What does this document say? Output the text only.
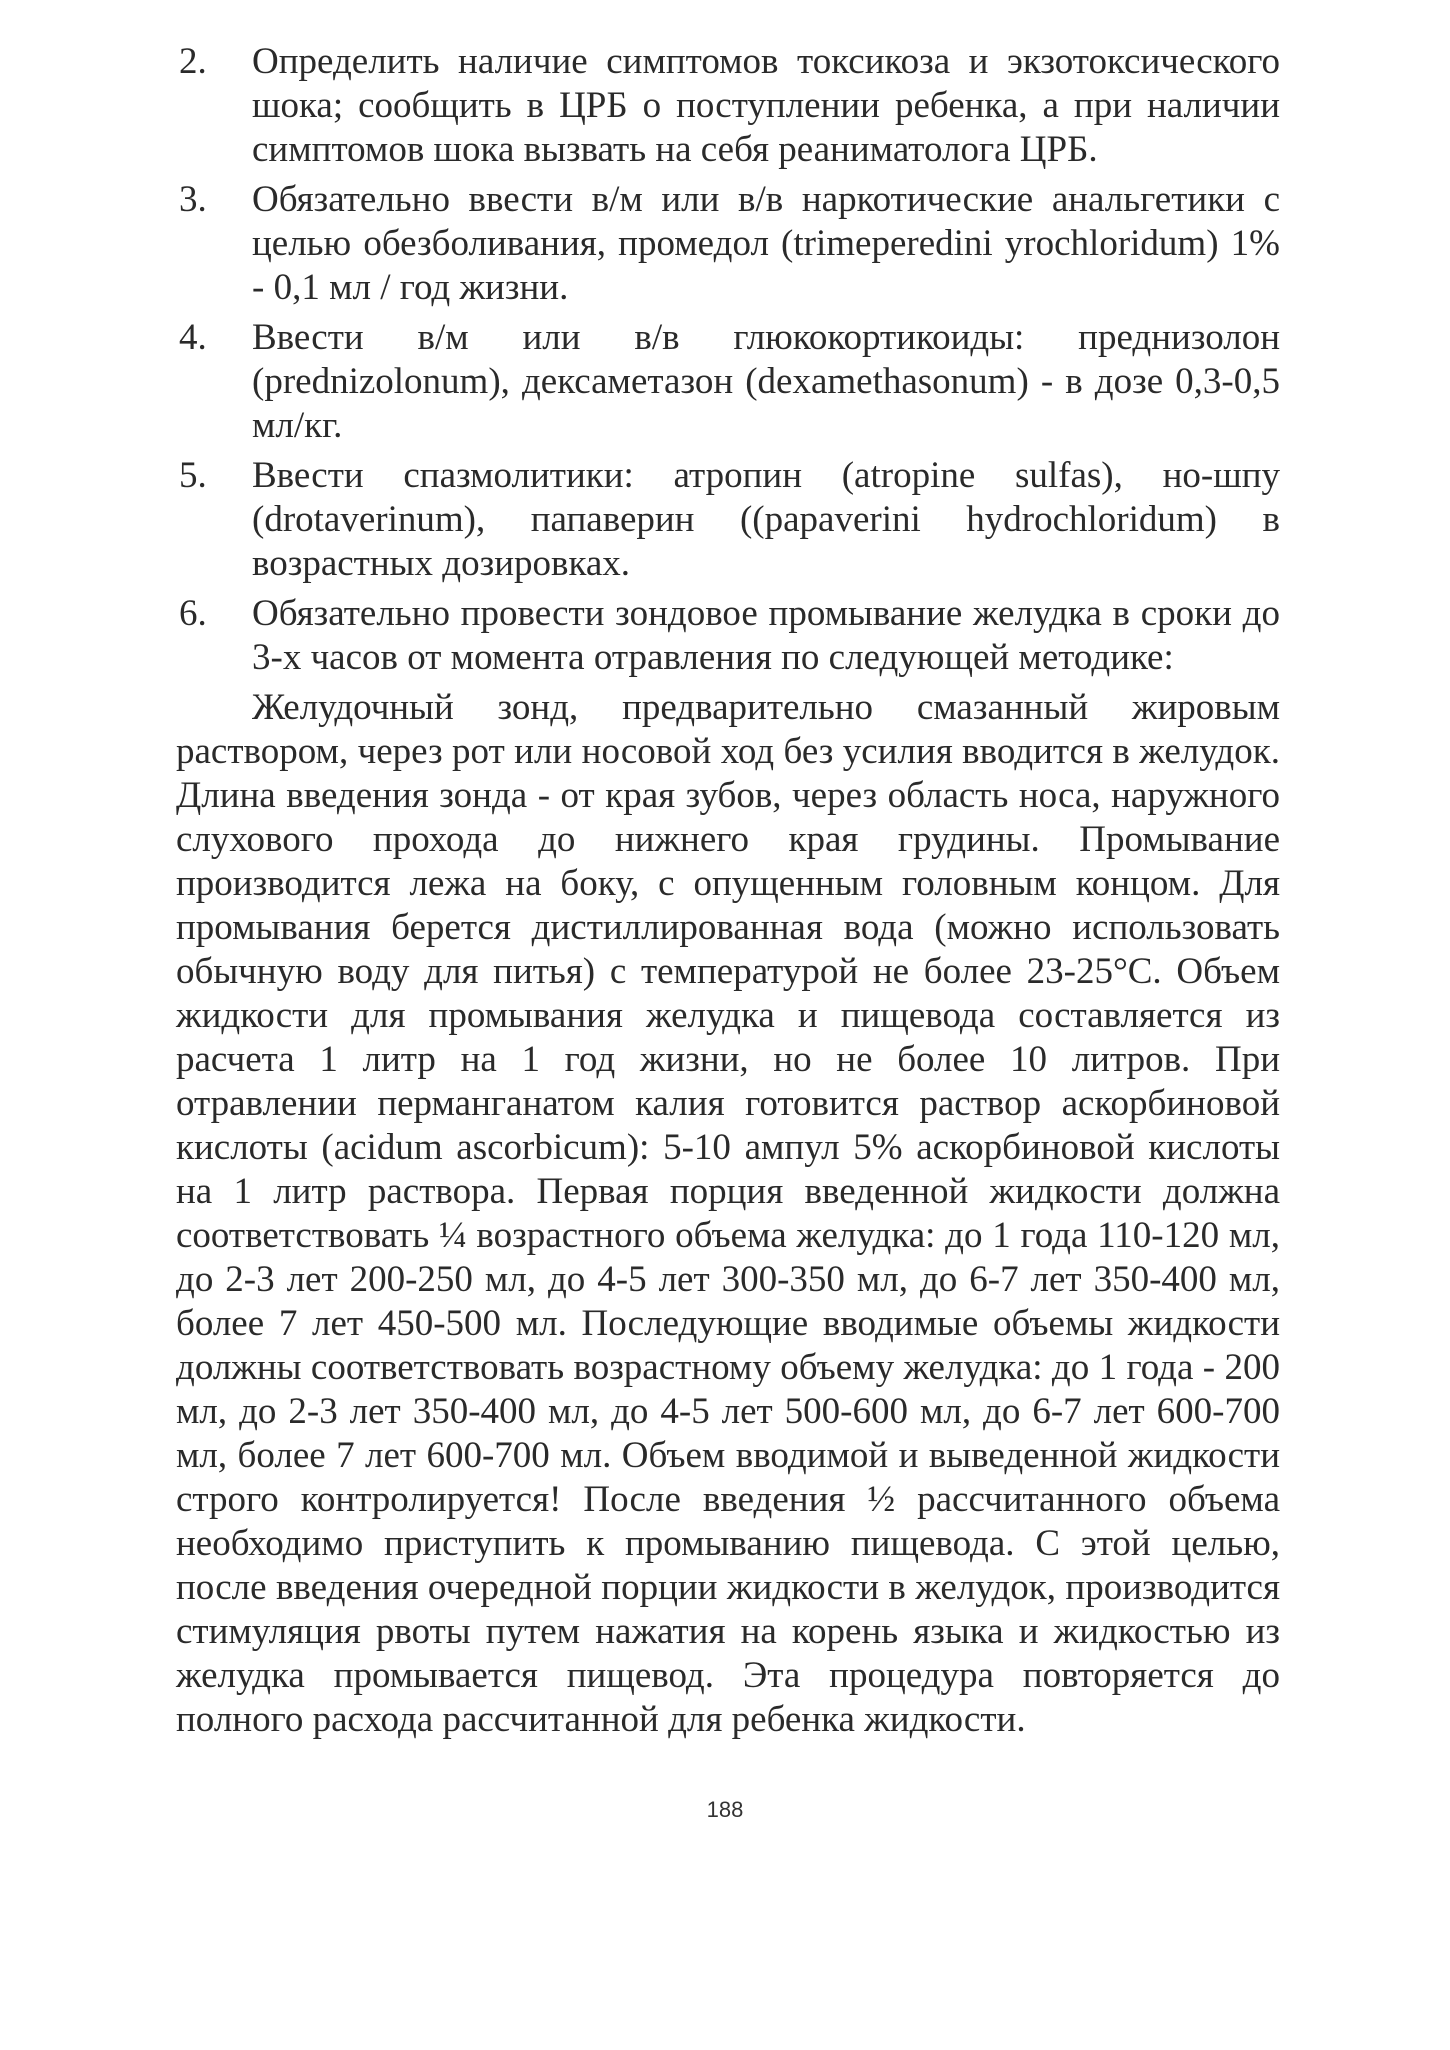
2. Определить наличие симптомов токсикоза и экзотоксического шока; сообщить в ЦРБ о поступлении ребенка, а при наличии симптомов шока вызвать на себя реаниматолога ЦРБ.
3. Обязательно ввести в/м или в/в наркотические анальгетики с целью обезболивания, промедол (trimeperedini yrochloridum) 1% - 0,1 мл / год жизни.
4. Ввести в/м или в/в глюкокортикоиды: преднизолон (prednizolonum), дексаметазон (dexamethasonum) - в дозе 0,3-0,5 мл/кг.
5. Ввести спазмолитики: атропин (atropine sulfas), но-шпу (drotaverinum), папаверин ((papaverini hydrochloridum) в возрастных дозировках.
6. Обязательно провести зондовое промывание желудка в сроки до 3-х часов от момента отравления по следующей методике:

Желудочный зонд, предварительно смазанный жировым раствором, через рот или носовой ход без усилия вводится в желудок. Длина введения зонда - от края зубов, через область носа, наружного слухового прохода до нижнего края грудины. Промывание производится лежа на боку, с опущенным головным концом. Для промывания берется дистиллированная вода (можно использовать обычную воду для питья) с температурой не более 23-25°С. Объем жидкости для промывания желудка и пищевода составляется из расчета 1 литр на 1 год жизни, но не более 10 литров. При отравлении перманганатом калия готовится раствор аскорбиновой кислоты (acidum ascorbicum): 5-10 ампул 5% аскорбиновой кислоты на 1 литр раствора. Первая порция введенной жидкости должна соответствовать ¼ возрастного объема желудка: до 1 года 110-120 мл, до 2-3 лет 200-250 мл, до 4-5 лет 300-350 мл, до 6-7 лет 350-400 мл, более 7 лет 450-500 мл. Последующие вводимые объемы жидкости должны соответствовать возрастному объему желудка: до 1 года - 200 мл, до 2-3 лет 350-400 мл, до 4-5 лет 500-600 мл, до 6-7 лет 600-700 мл, более 7 лет 600-700 мл. Объем вводимой и выведенной жидкости строго контролируется! После введения ½ рассчитанного объема необходимо приступить к промыванию пищевода. С этой целью, после введения очередной порции жидкости в желудок, производится стимуляция рвоты путем нажатия на корень языка и жидкостью из желудка промывается пищевод. Эта процедура повторяется до полного расхода рассчитанной для ребенка жидкости.

188
